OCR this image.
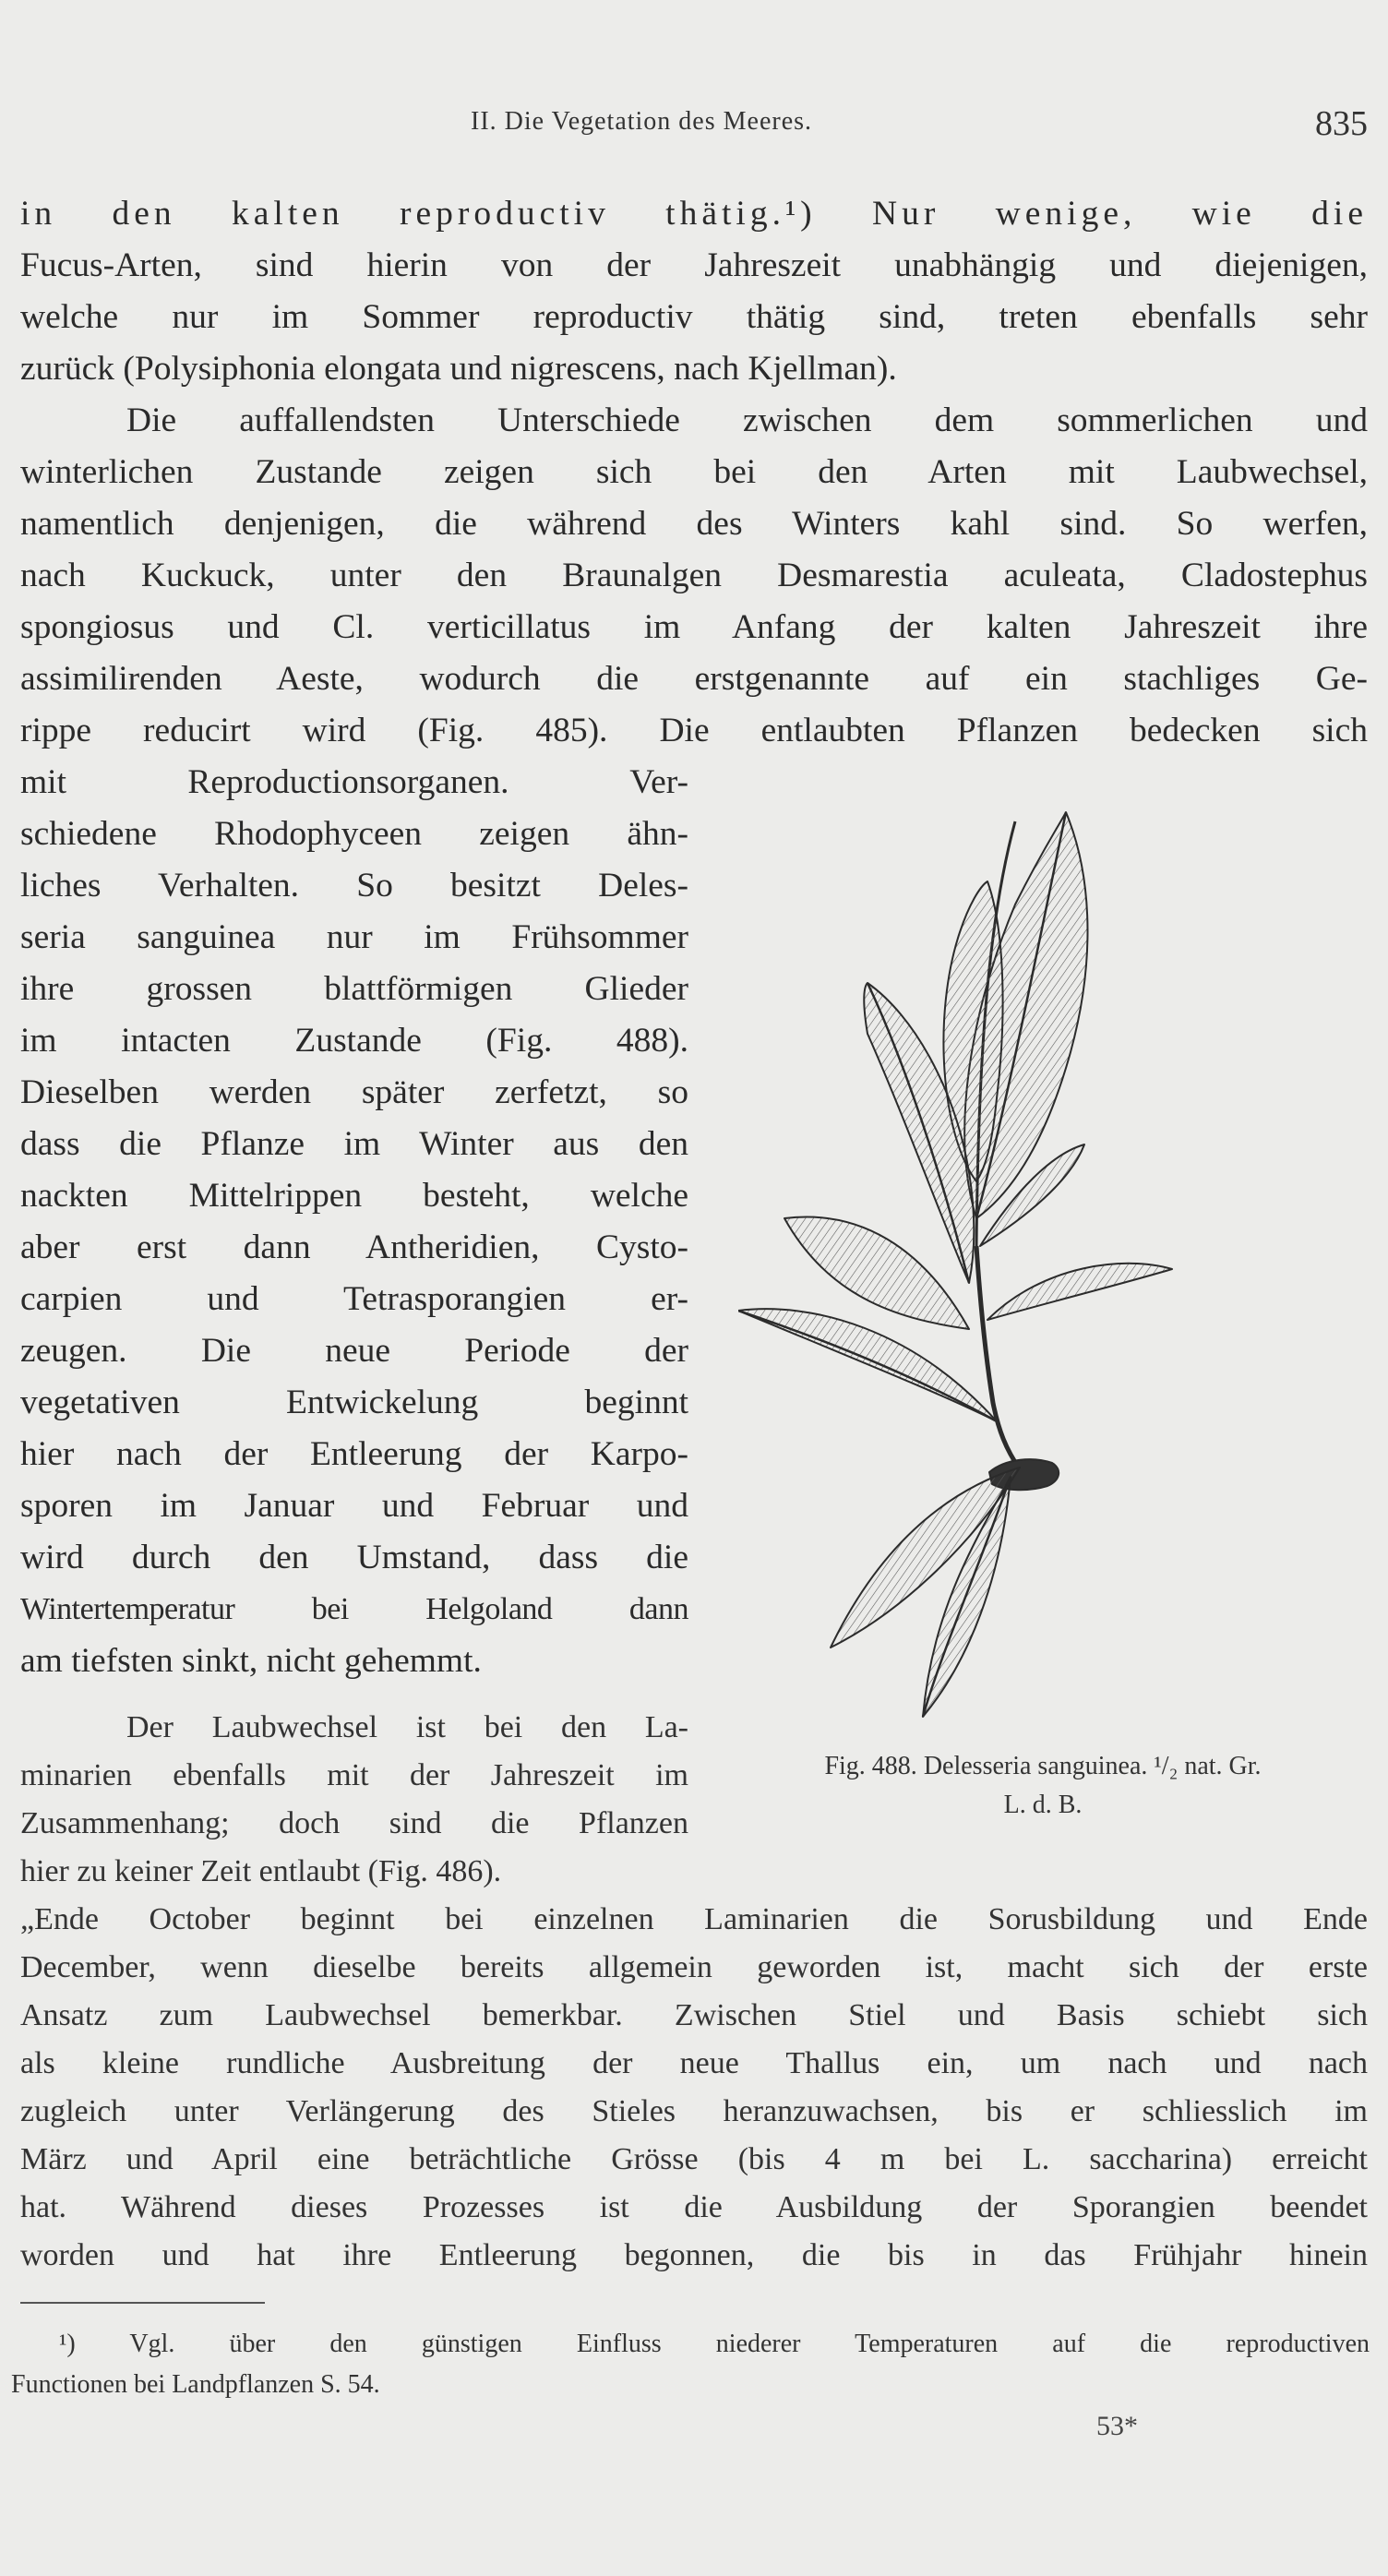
II. Die Vegetation des Meeres.	835
in den kalten reproductiv thätig.¹) Nur wenige, wie die
Fucus-Arten, sind hierin von der Jahreszeit unabhängig und diejenigen,
welche nur im Sommer reproductiv thätig sind, treten ebenfalls sehr
zurück (Polysiphonia elongata und nigrescens, nach Kjellman).
Die auffallendsten Unterschiede zwischen dem sommerlichen und
winterlichen Zustande zeigen sich bei den Arten mit Laubwechsel,
namentlich denjenigen, die während des Winters kahl sind. So werfen,
nach Kuckuck, unter den Braunalgen Desmarestia aculeata, Cladostephus
spongiosus und Cl. verticillatus im Anfang der kalten Jahreszeit ihre
assimilirenden Aeste, wodurch die erstgenannte auf ein stachliges Ge-
rippe reducirt wird (Fig. 485). Die entlaubten Pflanzen bedecken sich
mit Reproductionsorganen. Ver-
schiedene Rhodophyceen zeigen ähn-
liches Verhalten. So besitzt Deles-
seria sanguinea nur im Frühsommer
ihre grossen blattförmigen Glieder
im intacten Zustande (Fig. 488).
Dieselben werden später zerfetzt, so
dass die Pflanze im Winter aus den
nackten Mittelrippen besteht, welche
aber erst dann Antheridien, Cysto-
carpien und Tetrasporangien er-
zeugen. Die neue Periode der
vegetativen Entwickelung beginnt
hier nach der Entleerung der Karpo-
sporen im Januar und Februar und
wird durch den Umstand, dass die
Wintertemperatur bei Helgoland dann
am tiefsten sinkt, nicht gehemmt.
Der Laubwechsel ist bei den La-
minarien ebenfalls mit der Jahreszeit im
Zusammenhang; doch sind die Pflanzen
hier zu keiner Zeit entlaubt (Fig. 486).
„Ende October beginnt bei einzelnen Laminarien die Sorusbildung und Ende
December, wenn dieselbe bereits allgemein geworden ist, macht sich der erste
Ansatz zum Laubwechsel bemerkbar. Zwischen Stiel und Basis schiebt sich
als kleine rundliche Ausbreitung der neue Thallus ein, um nach und nach
zugleich unter Verlängerung des Stieles heranzuwachsen, bis er schliesslich im
März und April eine beträchtliche Grösse (bis 4 m bei L. saccharina) erreicht
hat. Während dieses Prozesses ist die Ausbildung der Sporangien beendet
worden und hat ihre Entleerung begonnen, die bis in das Frühjahr hinein
Fig. 488. Delesseria sanguinea. ¹/₂ nat. Gr.
L. d. B.
¹) Vgl. über den günstigen Einfluss niederer Temperaturen auf die reproductiven
Functionen bei Landpflanzen S. 54.
53*
